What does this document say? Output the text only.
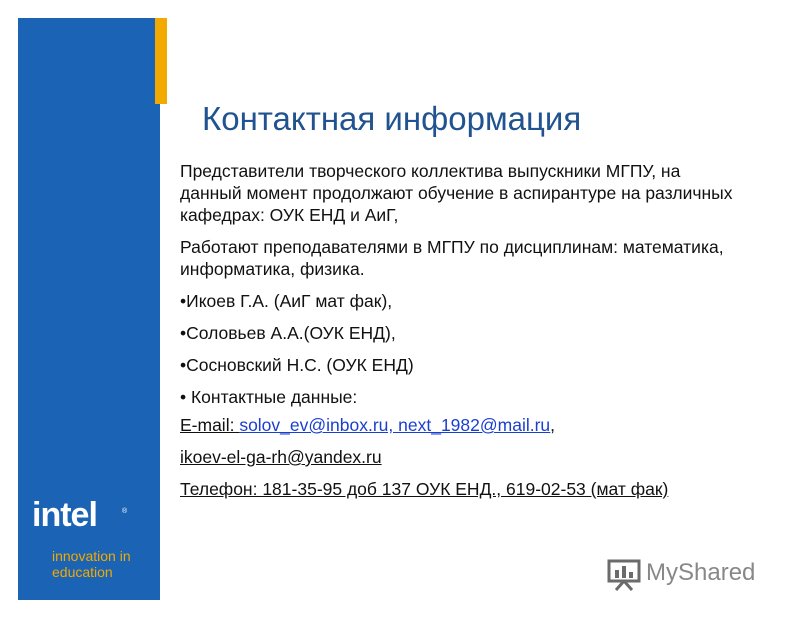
intel	®
innovation in
education
Контактная информация

Представители творческого коллектива выпускники МГПУ, на данный момент продолжают обучение в аспирантуре на различных кафедрах: ОУК ЕНД и АиГ,

Работают преподавателями в МГПУ по дисциплинам: математика, информатика, физика.

•Икоев Г.А. (АиГ мат фак),

•Соловьев А.А.(ОУК ЕНД),

•Сосновский Н.С. (ОУК ЕНД)

• Контактные данные:

E-mail: solov_ev@inbox.ru, next_1982@mail.ru,

ikoev-el-ga-rh@yandex.ru

Телефон: 181-35-95 доб 137 ОУК ЕНД., 619-02-53 (мат фак)

MyShared
